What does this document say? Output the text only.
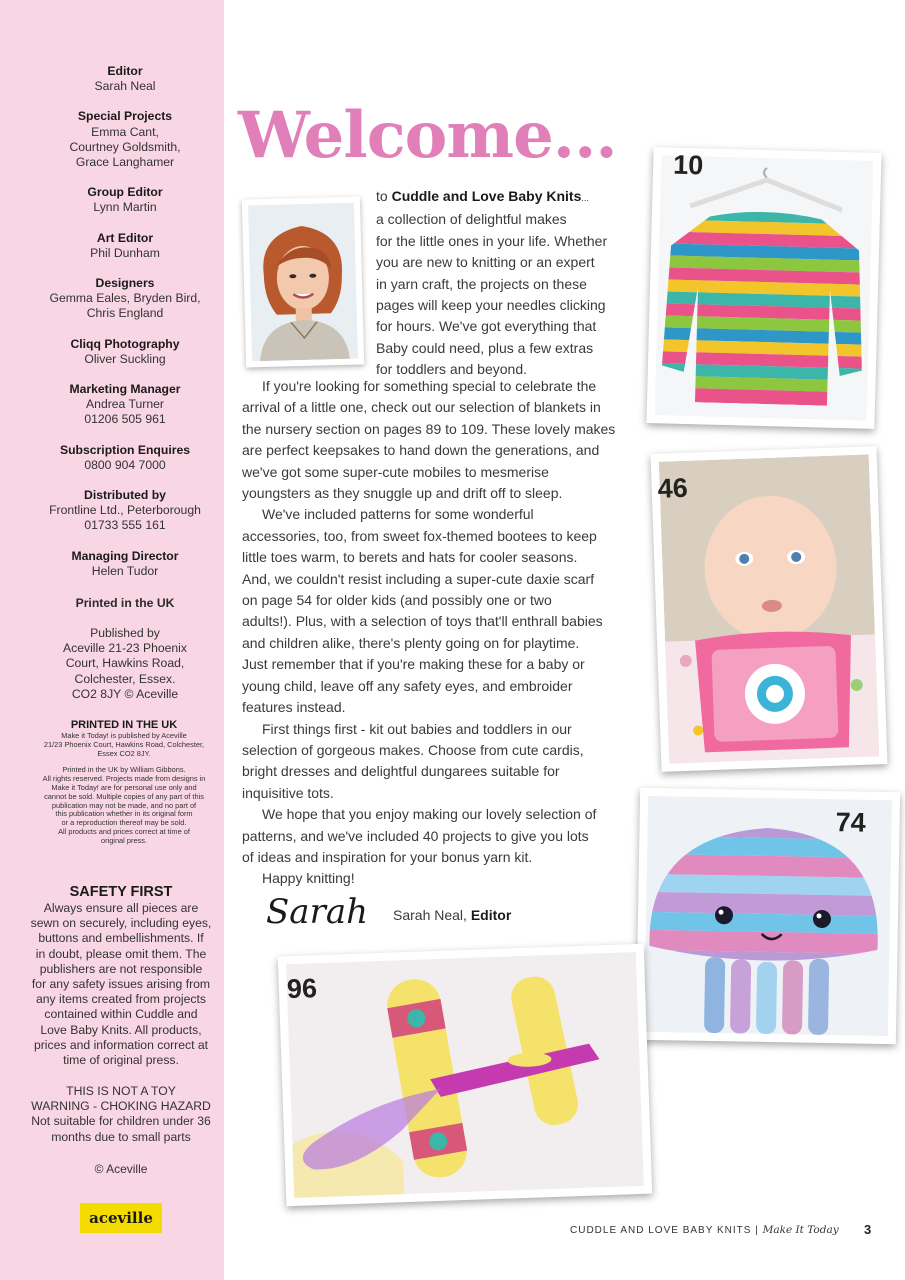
Editor
Sarah Neal
Special Projects
Emma Cant,
Courtney Goldsmith,
Grace Langhamer
Group Editor
Lynn Martin
Art Editor
Phil Dunham
Designers
Gemma Eales, Bryden Bird,
Chris England
Cliqq Photography
Oliver Suckling
Marketing Manager
Andrea Turner
01206 505 961
Subscription Enquires
0800 904 7000
Distributed by
Frontline Ltd., Peterborough
01733 555 161
Managing Director
Helen Tudor
Printed in the UK
Published by
Aceville 21-23 Phoenix
Court, Hawkins Road,
Colchester, Essex.
CO2 8JY © Aceville
PRINTED IN THE UK
Make it Today! is published by Aceville
21/23 Phoenix Court, Hawkins Road, Colchester,
Essex CO2 8JY.
Printed in the UK by William Gibbons.
All rights reserved. Projects made from designs in
Make it Today! are for personal use only and
cannot be sold. Multiple copies of any part of this
publication may not be made, and no part of
this publication whether in its original form
or a reproduction thereof may be sold.
All products and prices correct at time of
original press.
SAFETY FIRST
Always ensure all pieces are
sewn on securely, including eyes,
buttons and embellishments. If
in doubt, please omit them. The
publishers are not responsible
for any safety issues arising from
any items created from projects
contained within Cuddle and
Love Baby Knits. All products,
prices and information correct at
time of original press.
THIS IS NOT A TOY
WARNING - CHOKING HAZARD
Not suitable for children under 36
months due to small parts
© Aceville
aceville
Welcome...
to Cuddle and Love Baby Knits...
a collection of delightful makes
for the little ones in your life. Whether
you are new to knitting or an expert
in yarn craft, the projects on these
pages will keep your needles clicking
for hours. We've got everything that
Baby could need, plus a few extras
for toddlers and beyond.
If you're looking for something special to celebrate the
arrival of a little one, check out our selection of blankets in
the nursery section on pages 89 to 109. These lovely makes
are perfect keepsakes to hand down the generations, and
we've got some super-cute mobiles to mesmerise
youngsters as they snuggle up and drift off to sleep.
We've included patterns for some wonderful
accessories, too, from sweet fox-themed bootees to keep
little toes warm, to berets and hats for cooler seasons.
And, we couldn't resist including a super-cute daxie scarf
on page 54 for older kids (and possibly one or two
adults!). Plus, with a selection of toys that'll enthrall babies
and children alike, there's plenty going on for playtime.
Just remember that if you're making these for a baby or
young child, leave off any safety eyes, and embroider
features instead.
First things first - kit out babies and toddlers in our
selection of gorgeous makes. Choose from cute cardis,
bright dresses and delightful dungarees suitable for
inquisitive tots.
We hope that you enjoy making our lovely selection of
patterns, and we've included 40 projects to give you lots
of ideas and inspiration for your bonus yarn kit.
Happy knitting!
Sarah Sarah Neal, Editor
10
46
74
96
CUDDLE AND LOVE BABY KNITS | Make It Today 3
